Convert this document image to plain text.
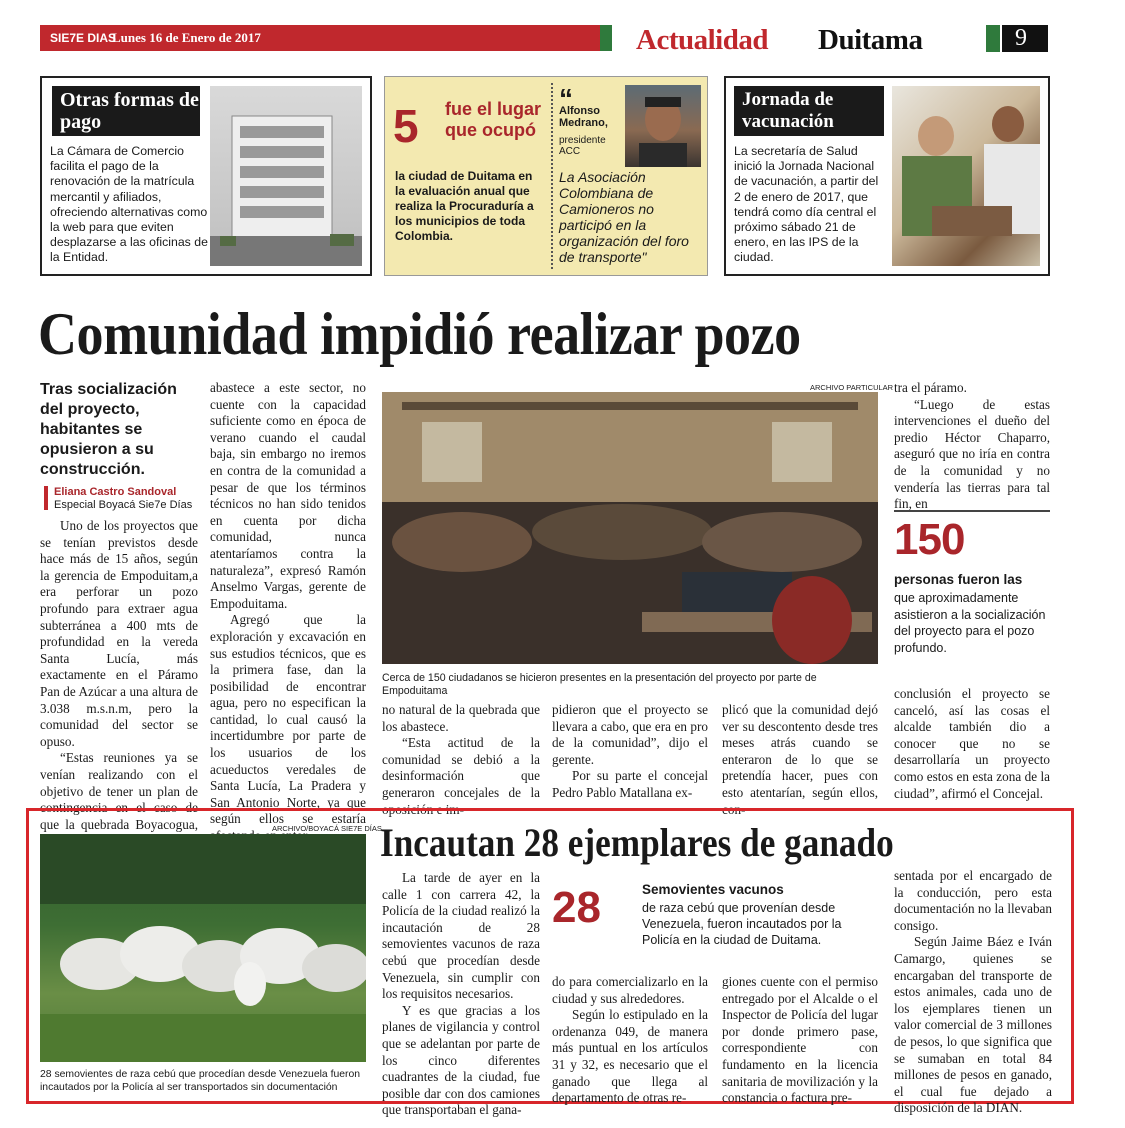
SIE7E DIAS
Lunes 16 de Enero de 2017	Actualidad Duitama	9
Otras formas de pago
La Cámara de Comercio facilita el pago de la renovación de la matrícula mercantil y afiliados, ofreciendo alternativas como la web para que eviten desplazarse a las oficinas de la Entidad.
5 fue el lugar que ocupó
la ciudad de Duitama en la evaluación anual que realiza la Procuraduría a los municipios de toda Colombia.
“
Alfonso Medrano,
presidente ACC
La Asociación Colombiana de Camioneros no participó en la organización del foro de transporte"
Jornada de vacunación
La secretaría de Salud inició la Jornada Nacional de vacunación, a partir del 2 de enero de 2017, que tendrá como día central el próximo sábado 21 de enero, en las IPS de la ciudad.
Comunidad impidió realizar pozo
Tras socialización del proyecto, habitantes se opusieron a su construcción.
Eliana Castro Sandoval
Especial Boyacá Sie7e Días

Uno de los proyectos que se tenían previstos desde hace más de 15 años, según la gerencia de Empoduitam,a era perforar un pozo profundo para extraer agua subterránea a 400 mts de profundidad en la vereda Santa Lucía, más exactamente en el Páramo Pan de Azúcar a una altura de 3.038 m.s.n.m, pero la comunidad del sector se opuso.

“Estas reuniones ya se venían realizando con el objetivo de tener un plan de contingencia en el caso de que la quebrada Boyacogua,

abastece a este sector, no cuente con la capacidad suficiente como en época de verano cuando el caudal baja, sin embargo no iremos en contra de la comunidad a pesar de que los términos técnicos no han sido tenidos en cuenta por dicha comunidad, nunca atentaríamos contra la naturaleza”, expresó Ramón Anselmo Vargas, gerente de Empoduitama.

Agregó que la exploración y excavación en sus estudios técnicos, que es la primera fase, dan la posibilidad de encontrar agua, pero no especifican la cantidad, lo cual causó la incertidumbre por parte de los usuarios de los acueductos veredales de Santa Lucía, La Pradera y San Antonio Norte, ya que según ellos se estaría

ARCHIVO PARTICULAR
Cerca de 150 ciudadanos se hicieron presentes en la presentación del proyecto por parte de Empoduitama

no natural de la quebrada que los abastece.

“Esta actitud de la comunidad se debió a la desinformación que generaron concejales de la oposición e im-

pidieron que el proyecto se llevara a cabo, que era en pro de la comunidad”, dijo el gerente.

Por su parte el concejal Pedro Pablo Matallana ex-

plicó que la comunidad dejó ver su descontento desde tres meses atrás cuando se enteraron de lo que se pretendía hacer, pues con esto atentarían, según ellos, con-

tra el páramo.

“Luego de estas intervenciones el dueño del predio Héctor Chaparro, aseguró que no iría en contra de la comunidad y no vendería las tierras para tal fin, en

150
personas fueron las
que aproximadamente asistieron a la socialización del proyecto para el pozo profundo.

conclusión el proyecto se canceló, así las cosas el alcalde también dio a conocer que no se desarrollaría un proyecto como estos en esta zona de la ciudad”, afirmó el Concejal.

ARCHIVO/BOYACÁ SIE7E DÍAS
28 semovientes de raza cebú que procedían desde Venezuela fueron incautados por la Policía al ser transportados sin documentación
Incautan 28 ejemplares de ganado

La tarde de ayer en la calle 1 con carrera 42, la Policía de la ciudad realizó la incautación de 28 semovientes vacunos de raza cebú que procedían desde Venezuela, sin cumplir con los requisitos necesarios.

Y es que gracias a los planes de vigilancia y control que se adelantan por parte de los cinco diferentes cuadrantes de la ciudad, fue posible dar con dos camiones que transportaban el gana-

28	Semovientes vacunos
de raza cebú que provenían desde Venezuela, fueron incautados por la Policía en la ciudad de Duitama.

do para comercializarlo en la ciudad y sus alrededores.

Según lo estipulado en la ordenanza 049, de manera más puntual en los artículos 31 y 32, es necesario que el ganado que llega al departamento de otras re-

giones cuente con el permiso entregado por el Alcalde o el Inspector de Policía del lugar por donde primero pase, correspondiente con fundamento en la licencia sanitaria de movilización y la constancia o factura pre-

sentada por el encargado de la conducción, pero esta documentación no la llevaban consigo.

Según Jaime Báez e Iván Camargo, quienes se encargaban del transporte de estos animales, cada uno de los ejemplares tienen un valor comercial de 3 millones de pesos, lo que significa que se sumaban en total 84 millones de pesos en ganado, el cual fue dejado a disposición de la DIAN.
